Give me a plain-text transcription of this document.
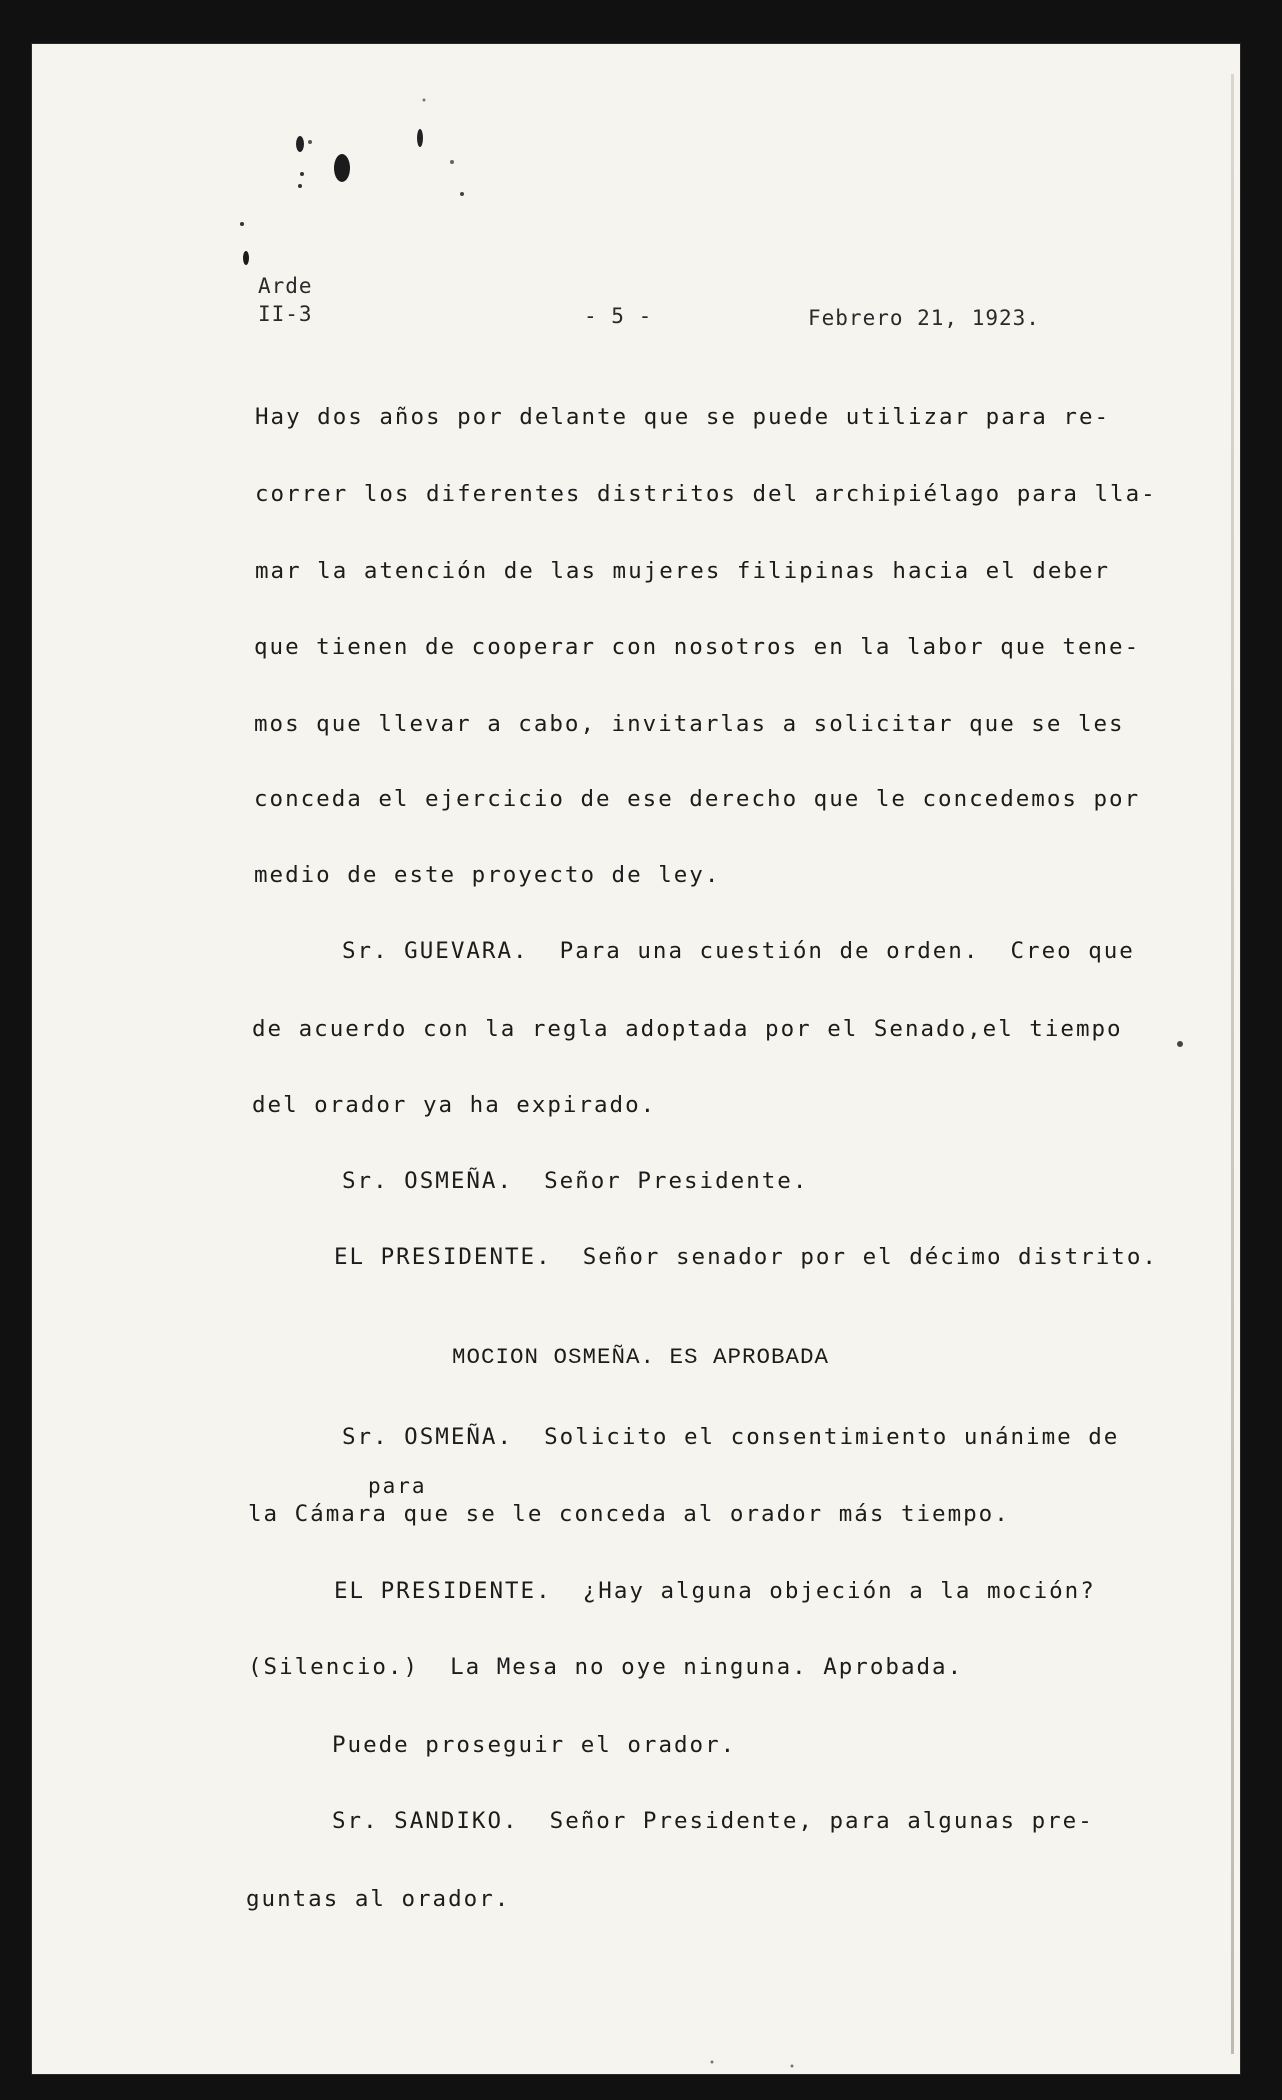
Arde
II-3	- 5 -	Febrero 21, 1923.
Hay dos años por delante que se puede utilizar para re-
correr los diferentes distritos del archipiélago para lla-
mar la atención de las mujeres filipinas hacia el deber
que tienen de cooperar con nosotros en la labor que tene-
mos que llevar a cabo, invitarlas a solicitar que se les
conceda el ejercicio de ese derecho que le concedemos por
medio de este proyecto de ley.
Sr. GUEVARA.  Para una cuestión de orden.  Creo que
de acuerdo con la regla adoptada por el Senado,el tiempo
del orador ya ha expirado.
Sr. OSMEÑA.  Señor Presidente.
EL PRESIDENTE.  Señor senador por el décimo distrito.
MOCION OSMEÑA. ES APROBADA
Sr. OSMEÑA.  Solicito el consentimiento unánime de
para
la Cámara que se le conceda al orador más tiempo.
EL PRESIDENTE.  ¿Hay alguna objeción a la moción?
(Silencio.)  La Mesa no oye ninguna. Aprobada.
Puede proseguir el orador.
Sr. SANDIKO.  Señor Presidente, para algunas pre-
guntas al orador.
